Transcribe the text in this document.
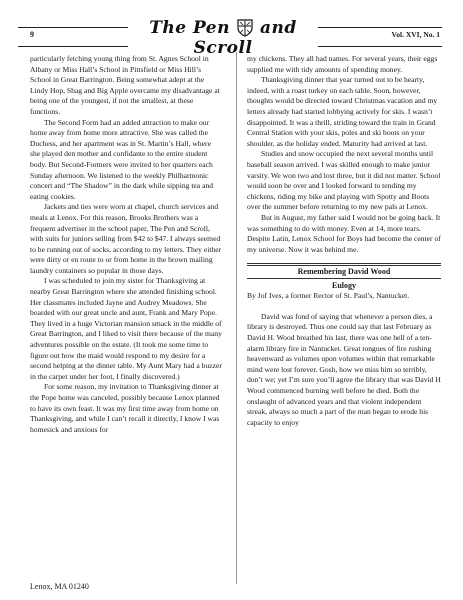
9	The Pen and Scroll
Vol. XVI, No. 1

particularly fetching young thing from St. Agnes School in Albany or Miss Hall’s School in Pittsfield or Miss Hill’s School in Great Barrington. Being somewhat adept at the Lindy Hop, Shag and Big Apple overcame my disadvantage at being one of the youngest, if not the smallest, at these functions.

The Second Form had an added attraction to make our home away from home more attractive. She was called the Duchess, and her apartment was in St. Martin’s Hall, where she played den mother and confidante to the entire student body. But Second-Formers were invited to her quarters each Sunday afternoon. We listened to the weekly Philharmonic concert and “The Shadow” in the dark while sipping tea and eating cookies.

Jackets and ties were worn at chapel, church services and meals at Lenox. For this reason, Brooks Brothers was a frequent advertiser in the school paper, The Pen and Scroll, with suits for juniors selling from $42 to $47. I always seemed to be running out of socks, according to my letters. They either were dirty or en route to or from home in the brown mailing laundry containers so popular in those days.

I was scheduled to join my sister for Thanksgiving at nearby Great Barrington where she attended finishing school. Her classmates included Jayne and Audrey Meadows. She boarded with our great uncle and aunt, Frank and Mary Pope. They lived in a huge Victorian mansion smack in the middle of Great Barrington, and I liked to visit there because of the many adventures possible on the estate. (It took me some time to figure out how the maid would respond to my desire for a second helping at the dinner table. My Aunt Mary had a buzzer in the carpet under her foot, I finally discovered.)

For some reason, my invitation to Thanksgiving dinner at the Pope home was canceled, possibly because Lenox planned to have its own feast. It was my first time away from home on Thanksgiving, and while I can’t recall it directly, I know I was homesick and anxious for

my chickens. They all had names. For several years, their eggs supplied me with tidy amounts of spending money.

Thanksgiving dinner that year turned out to be hearty, indeed, with a roast turkey on each table. Soon, however, thoughts would be directed toward Christmas vacation and my letters already had started lobbying actively for skis. I wasn’t disappointed. It was a thrill, striding toward the train in Grand Central Station with your skis, poles and ski boots on your shoulder, as the holiday ended. Maturity had arrived at last.

Studies and snow occupied the next several months until baseball season arrived. I was skilled enough to make junior varsity. We won two and lost three, but it did not matter. School would soon be over and I looked forward to tending my chickens, riding my bike and playing with Spotty and Boots over the summer before returning to my new pals at Lenox.

But in August, my father said I would not be going back. It was something to do with money. Even at 14, more tears. Despite Latin, Lenox School for Boys had become the center of my universe. Now it was behind me.

Remembering David Wood
Eulogy

By Jof Ives, a former Rector of St. Paul’s, Nantucket.

David was fond of saying that whenever a person dies, a library is destroyed. Thus one could say that last February as David H. Wood breathed his last, there was one hell of a ten-alarm library fire in Nantucket. Great tongues of fire rushing heavenward as volumes upon volumes within that remarkable mind were lost forever. Gosh, how we miss him so terribly, don’t we; yet I’m sure you’ll agree the library that was David H Wood commenced burning well before he died. Both the onslaught of advanced years and that violent independent streak, always so much a part of the man began to erode his capacity to enjoy

Lenox, MA 01240
